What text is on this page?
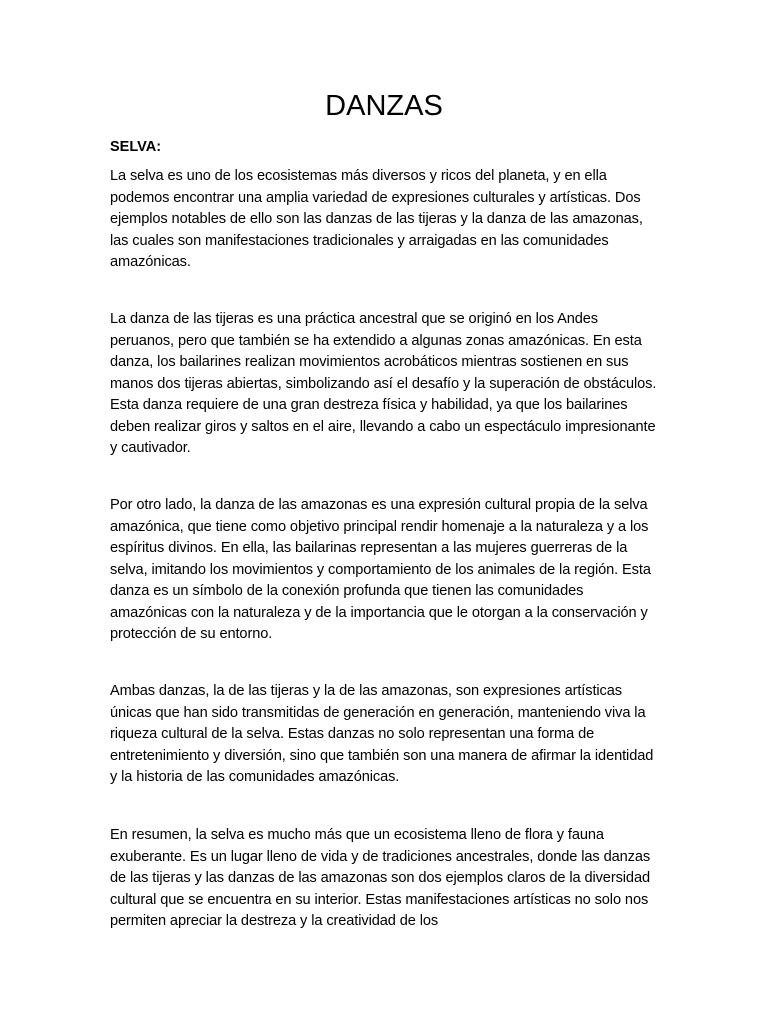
DANZAS
SELVA:

La selva es uno de los ecosistemas más diversos y ricos del planeta, y en ella podemos encontrar una amplia variedad de expresiones culturales y artísticas. Dos ejemplos notables de ello son las danzas de las tijeras y la danza de las amazonas, las cuales son manifestaciones tradicionales y arraigadas en las comunidades amazónicas.

La danza de las tijeras es una práctica ancestral que se originó en los Andes peruanos, pero que también se ha extendido a algunas zonas amazónicas. En esta danza, los bailarines realizan movimientos acrobáticos mientras sostienen en sus manos dos tijeras abiertas, simbolizando así el desafío y la superación de obstáculos. Esta danza requiere de una gran destreza física y habilidad, ya que los bailarines deben realizar giros y saltos en el aire, llevando a cabo un espectáculo impresionante y cautivador.

Por otro lado, la danza de las amazonas es una expresión cultural propia de la selva amazónica, que tiene como objetivo principal rendir homenaje a la naturaleza y a los espíritus divinos. En ella, las bailarinas representan a las mujeres guerreras de la selva, imitando los movimientos y comportamiento de los animales de la región. Esta danza es un símbolo de la conexión profunda que tienen las comunidades amazónicas con la naturaleza y de la importancia que le otorgan a la conservación y protección de su entorno.

Ambas danzas, la de las tijeras y la de las amazonas, son expresiones artísticas únicas que han sido transmitidas de generación en generación, manteniendo viva la riqueza cultural de la selva. Estas danzas no solo representan una forma de entretenimiento y diversión, sino que también son una manera de afirmar la identidad y la historia de las comunidades amazónicas.

En resumen, la selva es mucho más que un ecosistema lleno de flora y fauna exuberante. Es un lugar lleno de vida y de tradiciones ancestrales, donde las danzas de las tijeras y las danzas de las amazonas son dos ejemplos claros de la diversidad cultural que se encuentra en su interior. Estas manifestaciones artísticas no solo nos permiten apreciar la destreza y la creatividad de los
